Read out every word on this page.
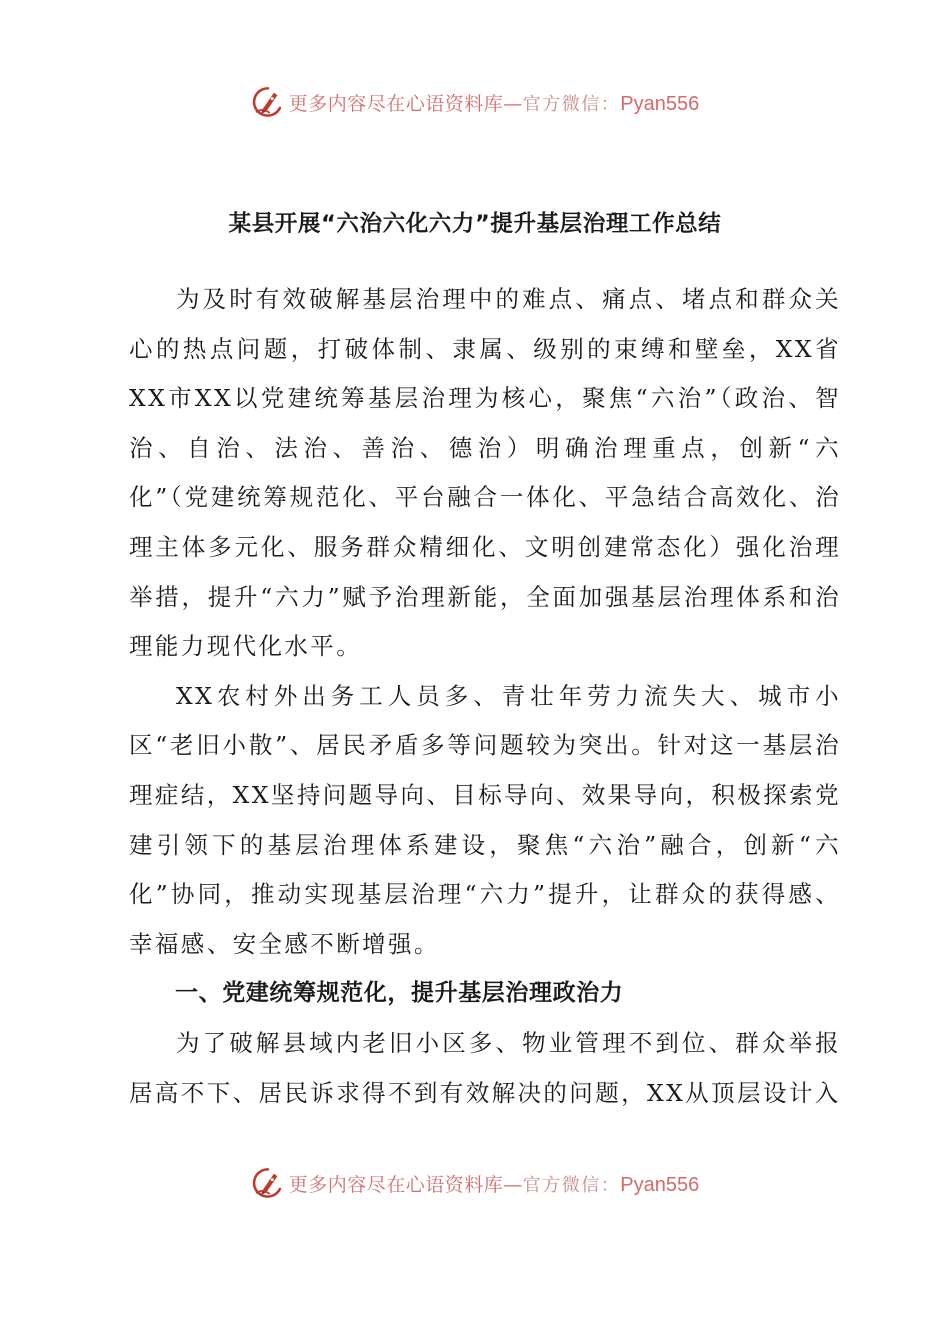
更多内容尽在心语资料库—官方微信：Pyan556
某县开展“六治六化六力”提升基层治理工作总结

为及时有效破解基层治理中的难点、痛点、堵点和群众关心的热点问题，打破体制、隶属、级别的束缚和壁垒，XX省XX市XX以党建统筹基层治理为核心，聚焦“六治”（政治、智治、自治、法治、善治、德治）明确治理重点，创新“六化”（党建统筹规范化、平台融合一体化、平急结合高效化、治理主体多元化、服务群众精细化、文明创建常态化）强化治理举措，提升“六力”赋予治理新能，全面加强基层治理体系和治理能力现代化水平。

XX农村外出务工人员多、青壮年劳力流失大、城市小区“老旧小散”、居民矛盾多等问题较为突出。针对这一基层治理症结，XX坚持问题导向、目标导向、效果导向，积极探索党建引领下的基层治理体系建设，聚焦“六治”融合，创新“六化”协同，推动实现基层治理“六力”提升，让群众的获得感、幸福感、安全感不断增强。

一、党建统筹规范化，提升基层治理政治力

为了破解县域内老旧小区多、物业管理不到位、群众举报居高不下、居民诉求得不到有效解决的问题，XX从顶层设计入

更多内容尽在心语资料库—官方微信：Pyan556
